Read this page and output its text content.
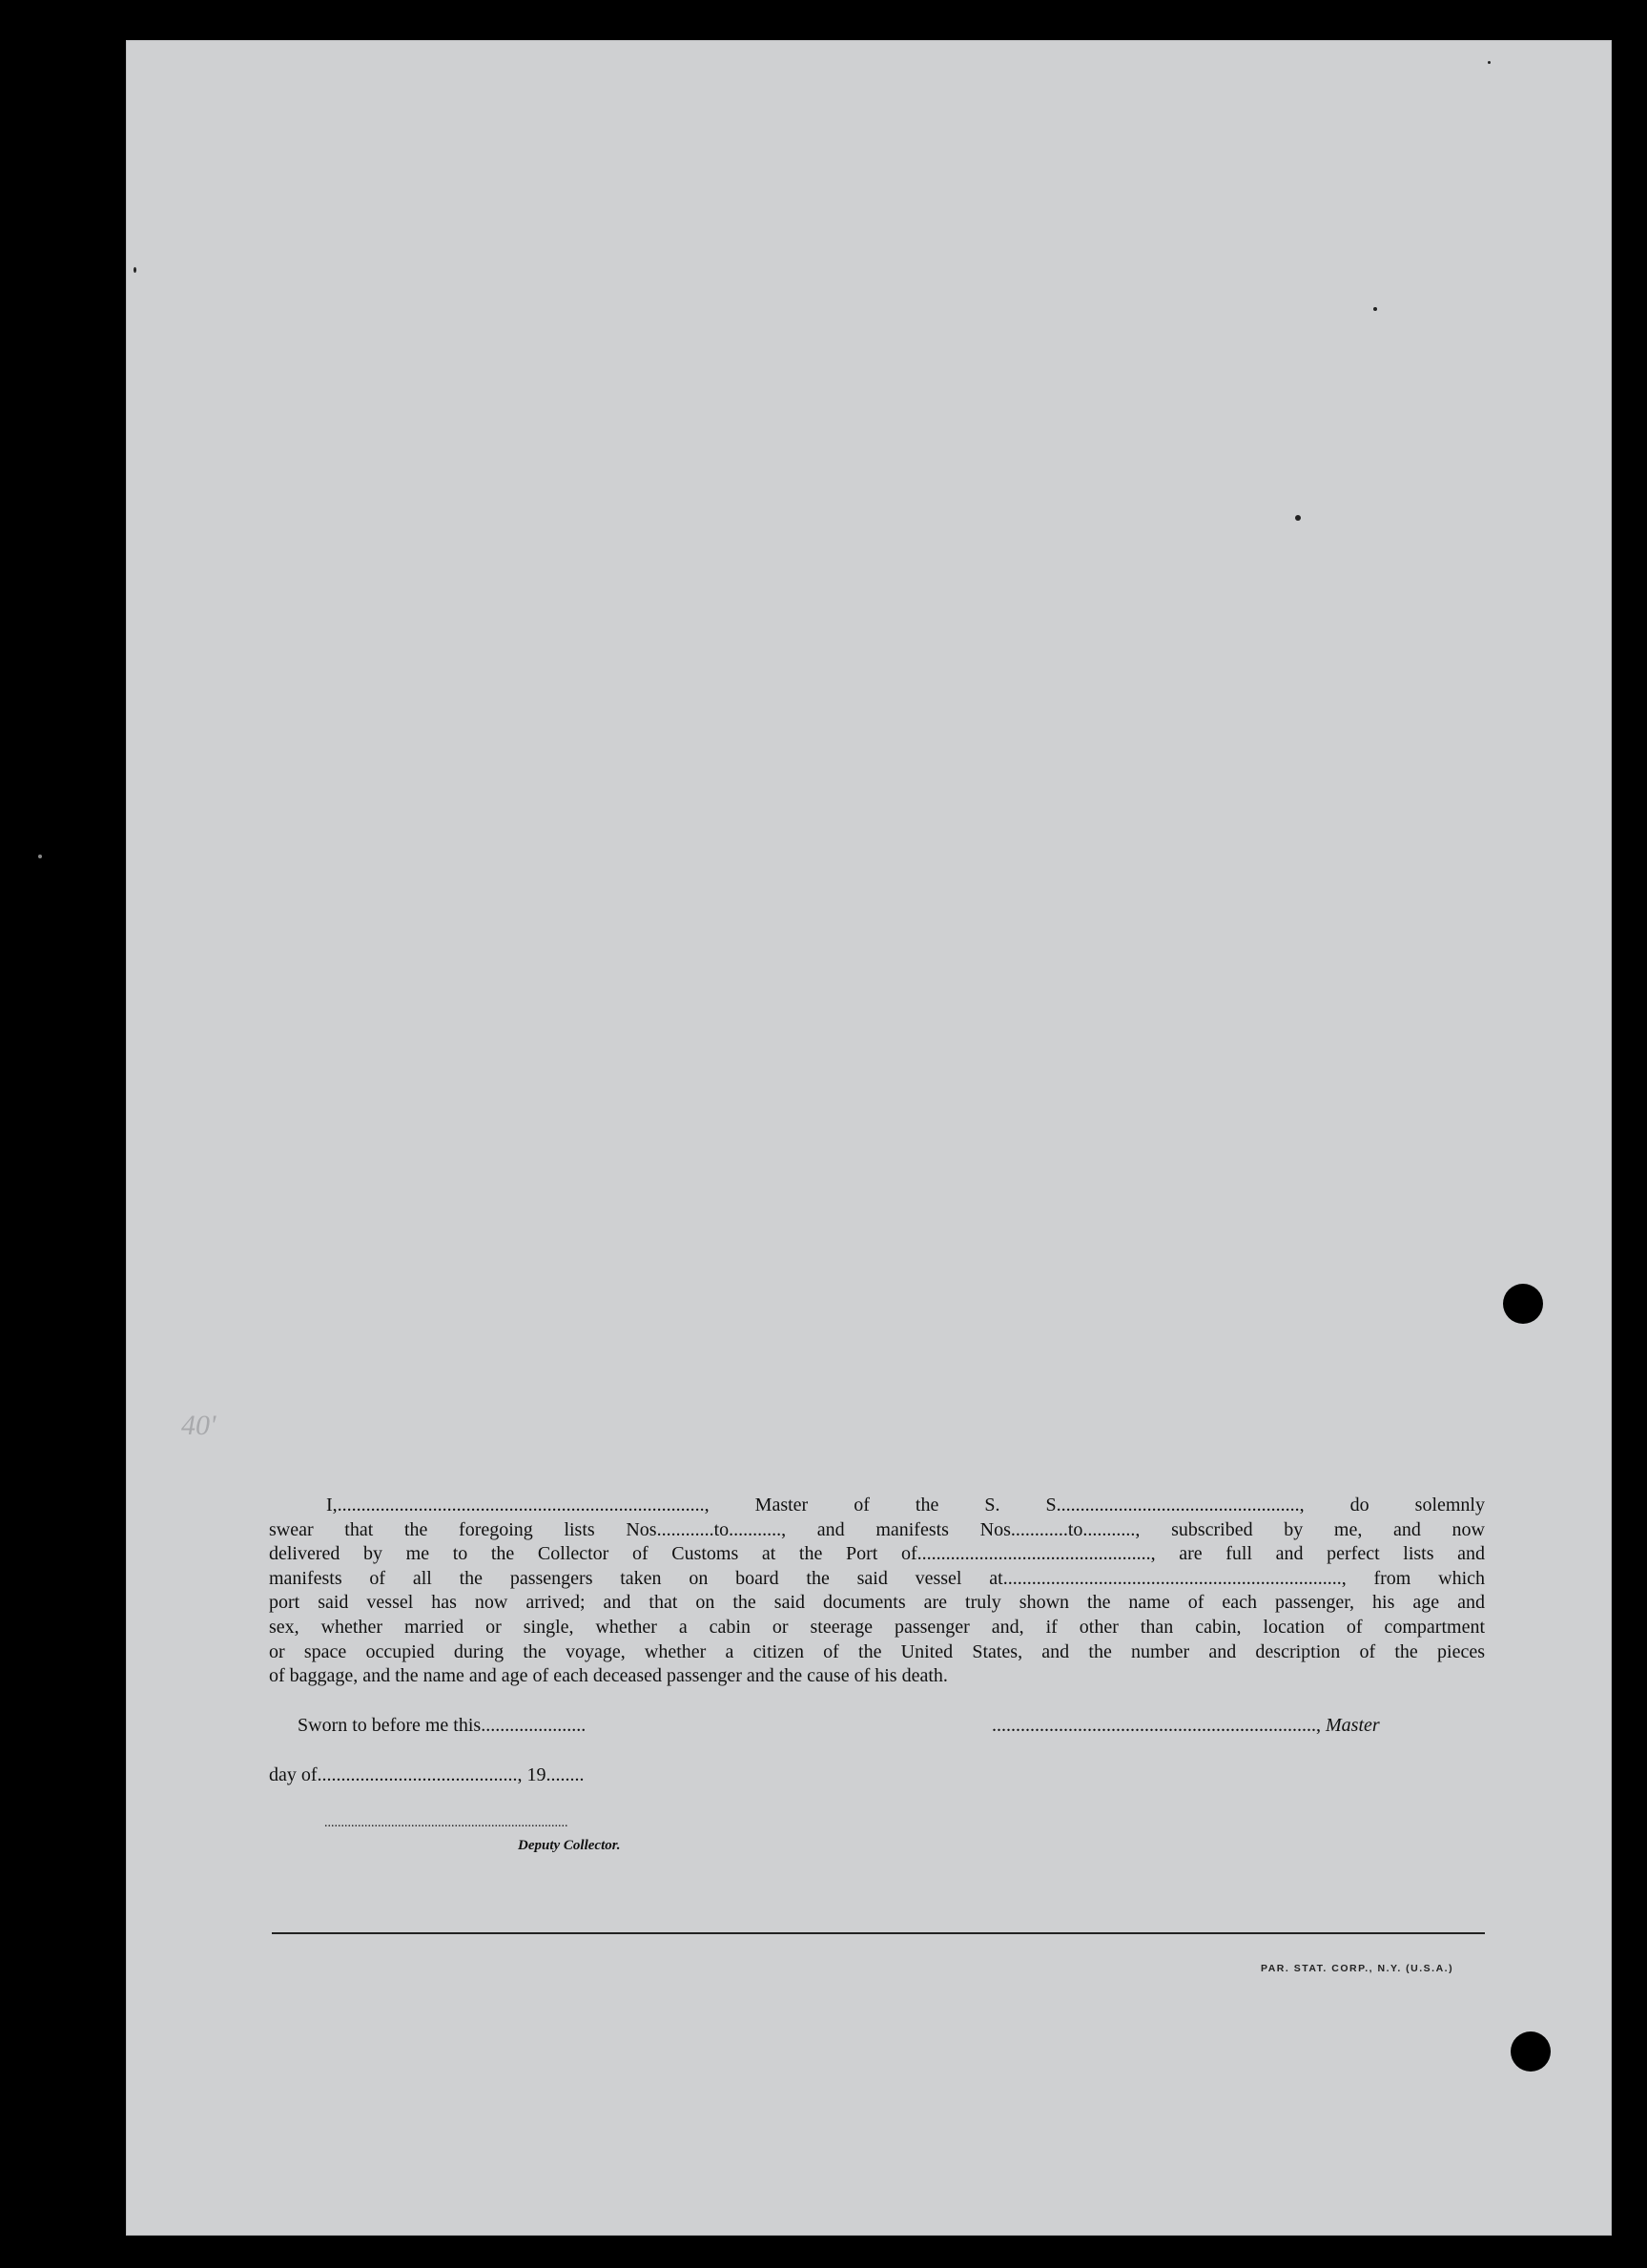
40'
I,............................................................................., Master of the S. S..................................................., do solemnly
swear that the foregoing lists Nos............to..........., and manifests Nos............to..........., subscribed by me, and now
delivered by me to the Collector of Customs at the Port of................................................., are full and perfect lists and
manifests of all the passengers taken on board the said vessel at......................................................................., from which
port said vessel has now arrived; and that on the said documents are truly shown the name of each passenger, his age and
sex, whether married or single, whether a cabin or steerage passenger and, if other than cabin, location of compartment
or space occupied during the voyage, whether a citizen of the United States, and the number and description of the pieces
of baggage, and the name and age of each deceased passenger and the cause of his death.
Sworn to before me this......................	...................................................................., Master
day of.........................................., 19........
.........................................................................
Deputy Collector.
PAR. STAT. CORP., N.Y. (U.S.A.)
